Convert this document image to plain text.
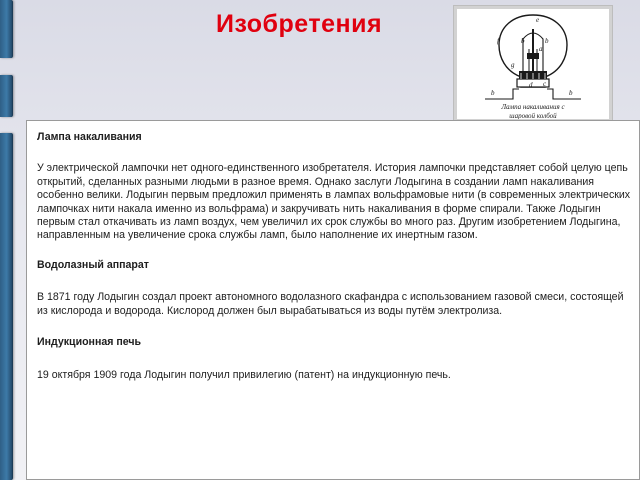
Изобретения	е
f	b	b
а
g
d с
b	b
Лампа накаливания с
шаровой колбой
Лампа накаливания

У электрической лампочки нет одного-единственного изобретателя. История лампочки представляет собой целую цепь открытий, сделанных разными людьми в разное время. Однако заслуги Лодыгина в создании ламп накаливания особенно велики. Лодыгин первым предложил применять в лампах вольфрамовые нити (в современных электрических лампочках нити накала именно из вольфрама) и закручивать нить накаливания в форме спирали. Также Лодыгин первым стал откачивать из ламп воздух, чем увеличил их срок службы во много раз. Другим изобретением Лодыгина, направленным на увеличение срока службы ламп, было наполнение их инертным газом.

Водолазный аппарат

В 1871 году Лодыгин создал проект автономного водолазного скафандра с использованием газовой смеси, состоящей из кислорода и водорода. Кислород должен был вырабатываться из воды путём электролиза.

Индукционная печь

19 октября 1909 года Лодыгин получил привилегию (патент) на индукционную печь.
